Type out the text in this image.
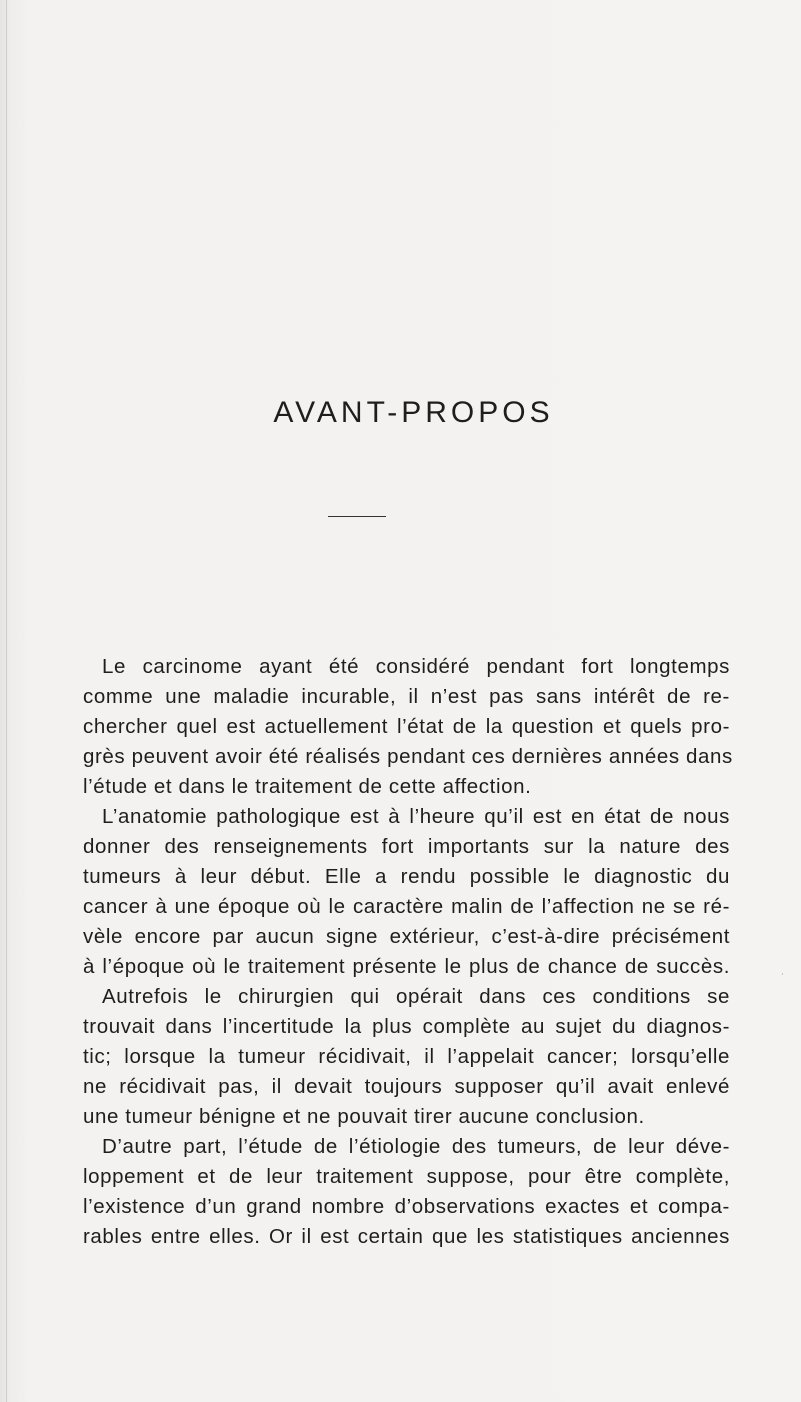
AVANT-PROPOS
Le carcinome ayant été considéré pendant fort longtemps
comme une maladie incurable, il n’est pas sans intérêt de re-
chercher quel est actuellement l’état de la question et quels pro-
grès peuvent avoir été réalisés pendant ces dernières années dans
l’étude et dans le traitement de cette affection.
L’anatomie pathologique est à l’heure qu’il est en état de nous
donner des renseignements fort importants sur la nature des
tumeurs à leur début. Elle a rendu possible le diagnostic du
cancer à une époque où le caractère malin de l’affection ne se ré-
vèle encore par aucun signe extérieur, c’est-à-dire précisément
à l’époque où le traitement présente le plus de chance de succès.
Autrefois le chirurgien qui opérait dans ces conditions se
trouvait dans l’incertitude la plus complète au sujet du diagnos-
tic; lorsque la tumeur récidivait, il l’appelait cancer; lorsqu’elle
ne récidivait pas, il devait toujours supposer qu’il avait enlevé
une tumeur bénigne et ne pouvait tirer aucune conclusion.
D’autre part, l’étude de l’étiologie des tumeurs, de leur déve-
loppement et de leur traitement suppose, pour être complète,
l’existence d’un grand nombre d’observations exactes et compa-
rables entre elles. Or il est certain que les statistiques anciennes
·
